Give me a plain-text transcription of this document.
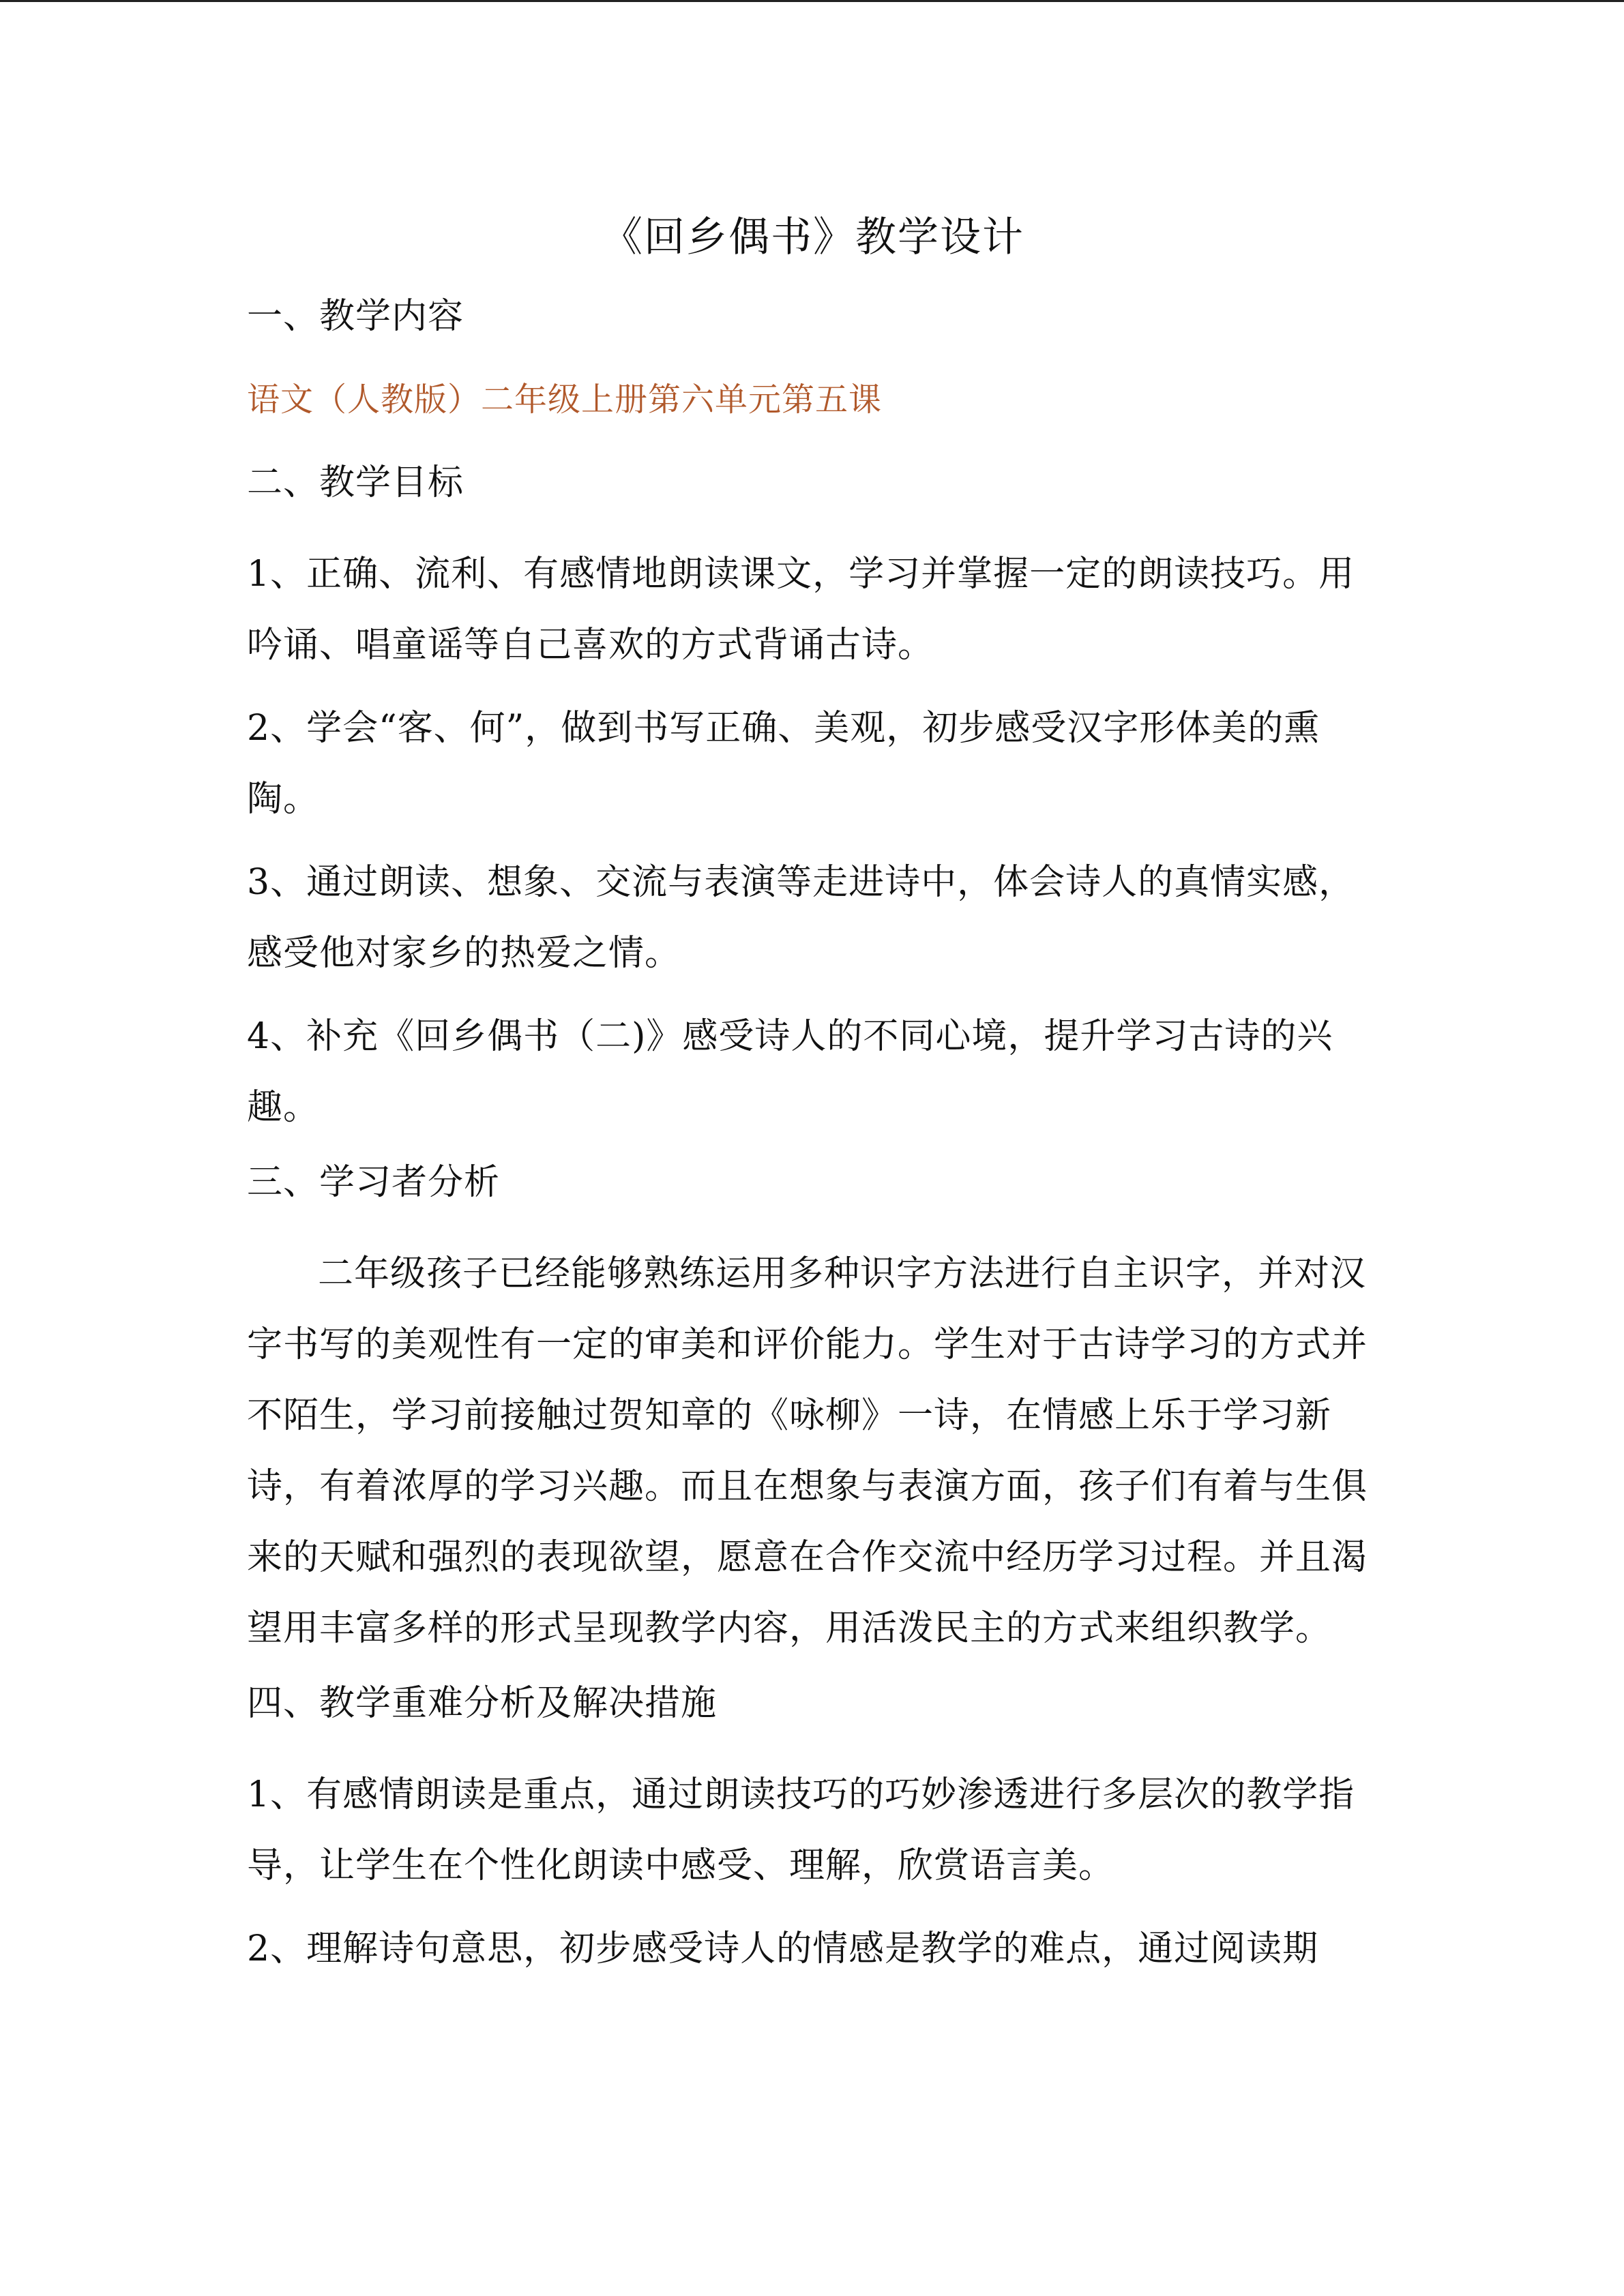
《回乡偶书》教学设计
一、教学内容
语文（人教版）二年级上册第六单元第五课
二、教学目标

1、正确、流利、有感情地朗读课文，学习并掌握一定的朗读技巧。用吟诵、唱童谣等自己喜欢的方式背诵古诗。

2、学会“客、何”，做到书写正确、美观，初步感受汉字形体美的熏陶。

3、通过朗读、想象、交流与表演等走进诗中，体会诗人的真情实感，感受他对家乡的热爱之情。

4、补充《回乡偶书（二)》感受诗人的不同心境，提升学习古诗的兴趣。

三、学习者分析

二年级孩子已经能够熟练运用多种识字方法进行自主识字，并对汉字书写的美观性有一定的审美和评价能力。学生对于古诗学习的方式并不陌生，学习前接触过贺知章的《咏柳》一诗，在情感上乐于学习新诗，有着浓厚的学习兴趣。而且在想象与表演方面，孩子们有着与生俱来的天赋和强烈的表现欲望，愿意在合作交流中经历学习过程。并且渴望用丰富多样的形式呈现教学内容，用活泼民主的方式来组织教学。

四、教学重难分析及解决措施

1、有感情朗读是重点，通过朗读技巧的巧妙渗透进行多层次的教学指导，让学生在个性化朗读中感受、理解，欣赏语言美。

2、理解诗句意思，初步感受诗人的情感是教学的难点，通过阅读期
